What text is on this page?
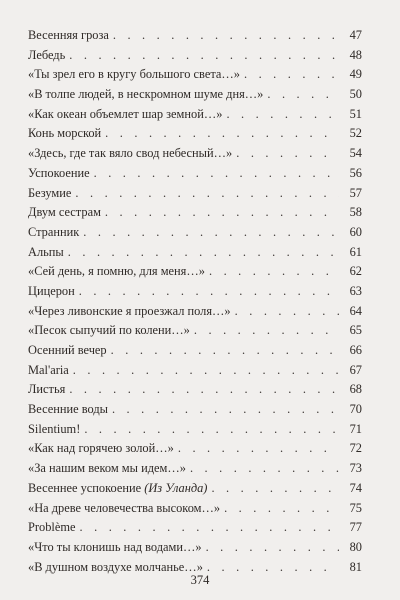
Весенняя гроза . . .	47
Лебедь . . .	48
«Ты зрел его в кругу большого света…» . . .	49
«В толпе людей, в нескромном шуме дня…» . . .	50
«Как океан объемлет шар земной…» . . .	51
Конь морской . . .	52
«Здесь, где так вяло свод небесный…» . . .	54
Успокоение . . .	56
Безумие . . .	57
Двум сестрам . . .	58
Странник . . .	60
Альпы . . .	61
«Сей день, я помню, для меня…» . . .	62
Цицерон . . .	63
«Через ливонские я проезжал поля…» . . .	64
«Песок сыпучий по колени…» . . .	65
Осенний вечер . . .	66
Mal'aria . . .	67
Листья . . .	68
Весенние воды . . .	70
Silentium! . . .	71
«Как над горячею золой…» . . .	72
«За нашим веком мы идем…» . . .	73
Весеннее успокоение (Из Уланда) . . .	74
«На древе человечества высоком…» . . .	75
Problème . . .	77
«Что ты клонишь над водами…» . . .	80
«В душном воздухе молчанье…» . . .	81
374
